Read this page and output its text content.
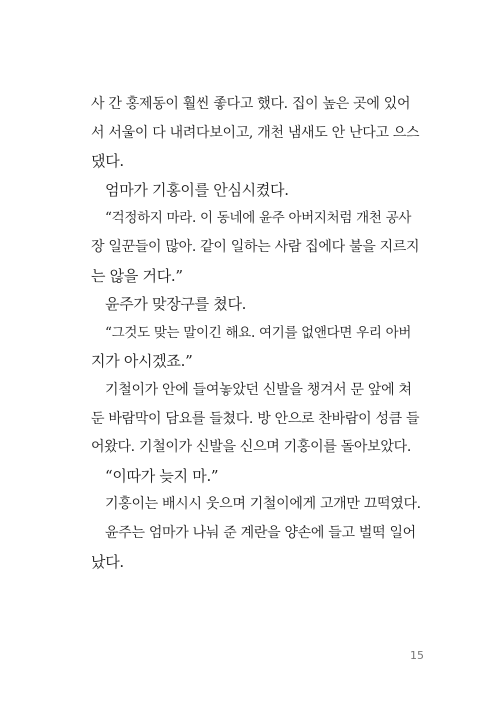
사 간 홍제동이 훨씬 좋다고 했다. 집이 높은 곳에 있어

서 서울이 다 내려다보이고, 개천 냄새도 안 난다고 으스

댔다.

엄마가 기홍이를 안심시켰다.

“걱정하지 마라. 이 동네에 윤주 아버지처럼 개천 공사

장 일꾼들이 많아. 같이 일하는 사람 집에다 불을 지르지

는 않을 거다.”

윤주가 맞장구를 쳤다.

“그것도 맞는 말이긴 해요. 여기를 없앤다면 우리 아버

지가 아시겠죠.”

기철이가 안에 들여놓았던 신발을 챙겨서 문 앞에 쳐

둔 바람막이 담요를 들쳤다. 방 안으로 찬바람이 성큼 들

어왔다. 기철이가 신발을 신으며 기홍이를 돌아보았다.

“이따가 늦지 마.”

기홍이는 배시시 웃으며 기철이에게 고개만 끄떡였다.

윤주는 엄마가 나눠 준 계란을 양손에 들고 벌떡 일어

났다.

15
